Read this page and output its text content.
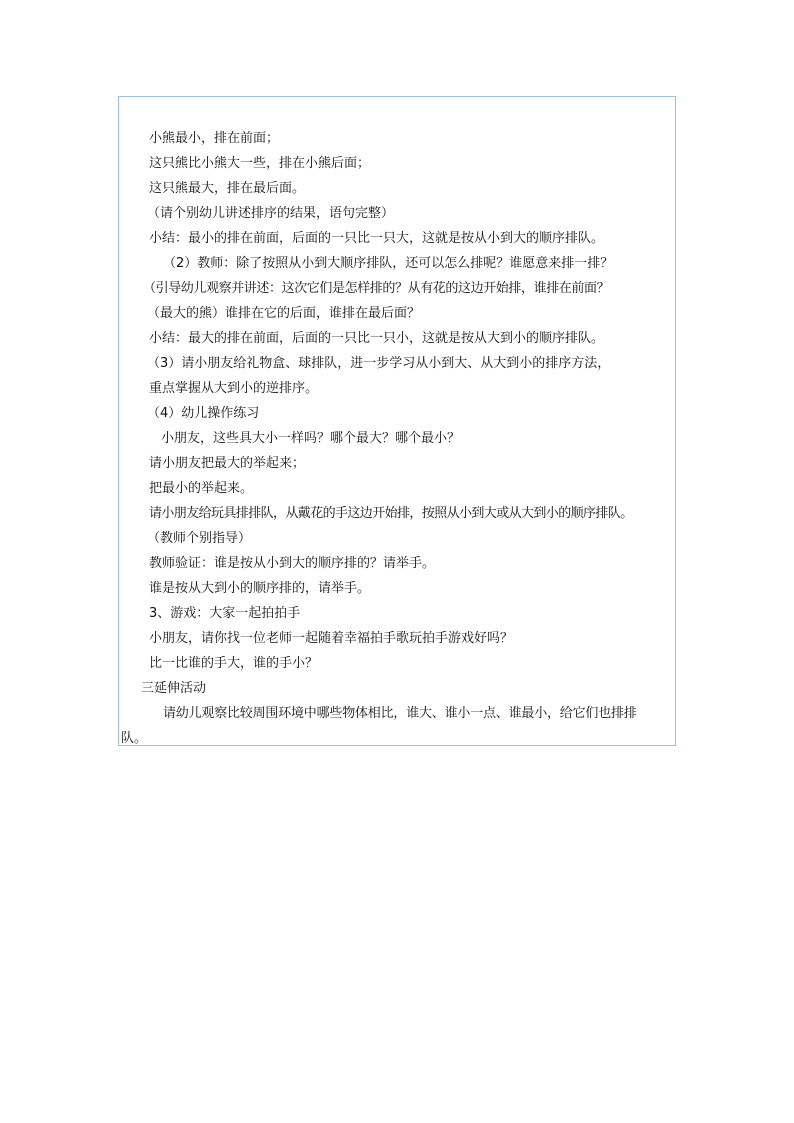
小熊最小，排在前面；
这只熊比小熊大一些，排在小熊后面；
这只熊最大，排在最后面。
（请个别幼儿讲述排序的结果，语句完整）
小结：最小的排在前面，后面的一只比一只大，这就是按从小到大的顺序排队。
（2）教师：除了按照从小到大顺序排队，还可以怎么排呢？谁愿意来排一排？
（引导幼儿观察并讲述：这次它们是怎样排的？从有花的这边开始排，谁排在前面？
（最大的熊）谁排在它的后面，谁排在最后面？
小结：最大的排在前面，后面的一只比一只小，这就是按从大到小的顺序排队。
（3）请小朋友给礼物盒、球排队，进一步学习从小到大、从大到小的排序方法，
重点掌握从大到小的逆排序。
（4）幼儿操作练习
小朋友，这些具大小一样吗？哪个最大？哪个最小？
请小朋友把最大的举起来；
把最小的举起来。
请小朋友给玩具排排队，从戴花的手这边开始排，按照从小到大或从大到小的顺序排队。
（教师个别指导）
教师验证：谁是按从小到大的顺序排的？请举手。
谁是按从大到小的顺序排的，请举手。
3、游戏：大家一起拍拍手
小朋友，请你找一位老师一起随着幸福拍手歌玩拍手游戏好吗？
比一比谁的手大，谁的手小？
三延伸活动
请幼儿观察比较周围环境中哪些物体相比，谁大、谁小一点、谁最小，给它们也排排
队。
